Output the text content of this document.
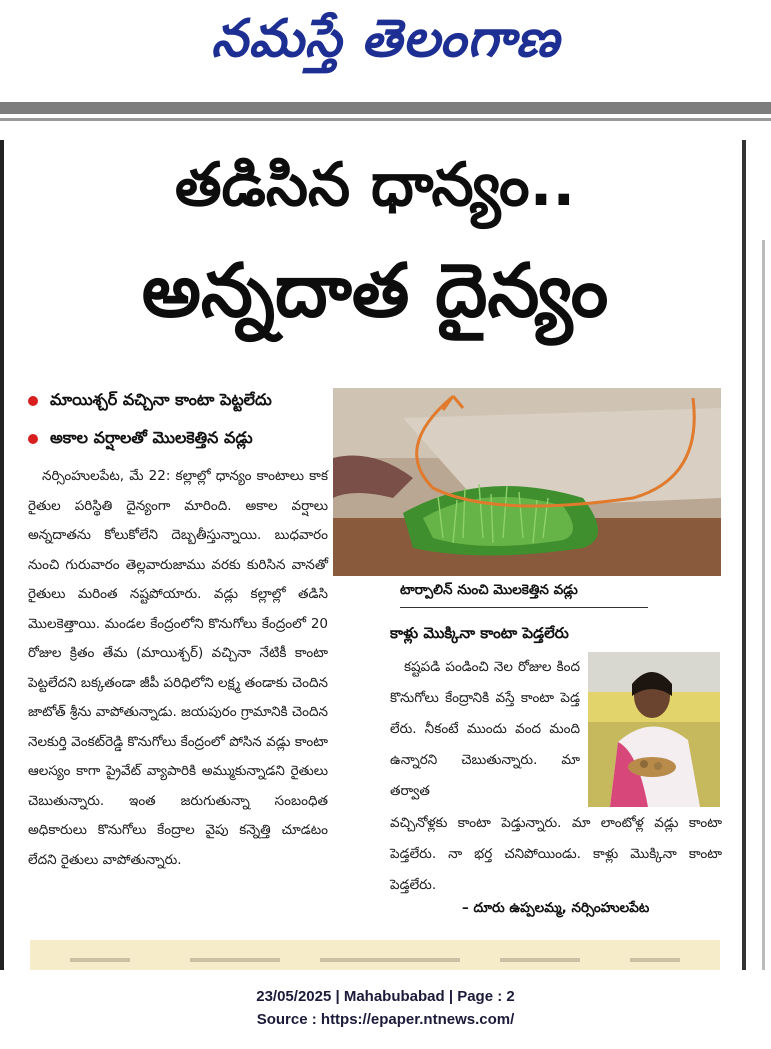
నమస్తే తెలంగాణ
తడిసిన ధాన్యం..
అన్నదాత దైన్యం
మాయిశ్చర్ వచ్చినా కాంటా పెట్టలేదు
అకాల వర్షాలతో మొలకెత్తిన వడ్లు

నర్సింహులపేట, మే 22: కల్లాల్లో ధాన్యం కాంటాలు కాక రైతుల పరిస్థితి దైన్యంగా మారింది. అకాల వర్షాలు అన్నదాతను కోలుకోలేని దెబ్బతీస్తున్నాయి. బుధవారం నుంచి గురువారం తెల్లవారుజాము వరకు కురిసిన వానతో రైతులు మరింత నష్టపోయారు. వడ్లు కల్లాల్లో తడిసి మొలకెత్తాయి. మండల కేంద్రంలోని కొనుగోలు కేంద్రంలో 20 రోజుల క్రితం తేమ (మాయిశ్చర్) వచ్చినా నేటికీ కాంటా పెట్టలేదని బక్కతండా జీపీ పరిధిలోని లక్ష్మ తండాకు చెందిన జాటోత్ శ్రీను వాపోతున్నాడు. జయపురం గ్రామానికి చెందిన నెలకుర్తి వెంకట్‌రెడ్డి కొనుగోలు కేంద్రంలో పోసిన వడ్లు కాంటా ఆలస్యం కాగా ప్రైవేట్ వ్యాపారికి అమ్ముకున్నాడని రైతులు చెబుతున్నారు. ఇంత జరుగుతున్నా సంబంధిత అధికారులు కొనుగోలు కేంద్రాల వైపు కన్నెత్తి చూడటం లేదని రైతులు వాపోతున్నారు.

టార్పాలిన్ నుంచి మొలకెత్తిన వడ్లు
కాళ్లు మొక్కినా కాంటా పెడ్తలేరు

కష్టపడి పండించి నెల రోజుల కింద కొనుగోలు కేంద్రానికి వస్తే కాంటా పెడ్త లేరు. నీకంటే ముందు వంద మంది ఉన్నారని చెబుతున్నారు. మా తర్వాత

వచ్చినోళ్లకు కాంటా పెడ్తున్నారు. మా లాంటోళ్ల వడ్లు కాంటా పెడ్తలేరు. నా భర్త చనిపోయిండు. కాళ్లు మొక్కినా కాంటా పెడ్తలేరు.

– దూరు ఉప్పలమ్మ, నర్సింహులపేట
23/05/2025 | Mahabubabad | Page : 2
Source : https://epaper.ntnews.com/
